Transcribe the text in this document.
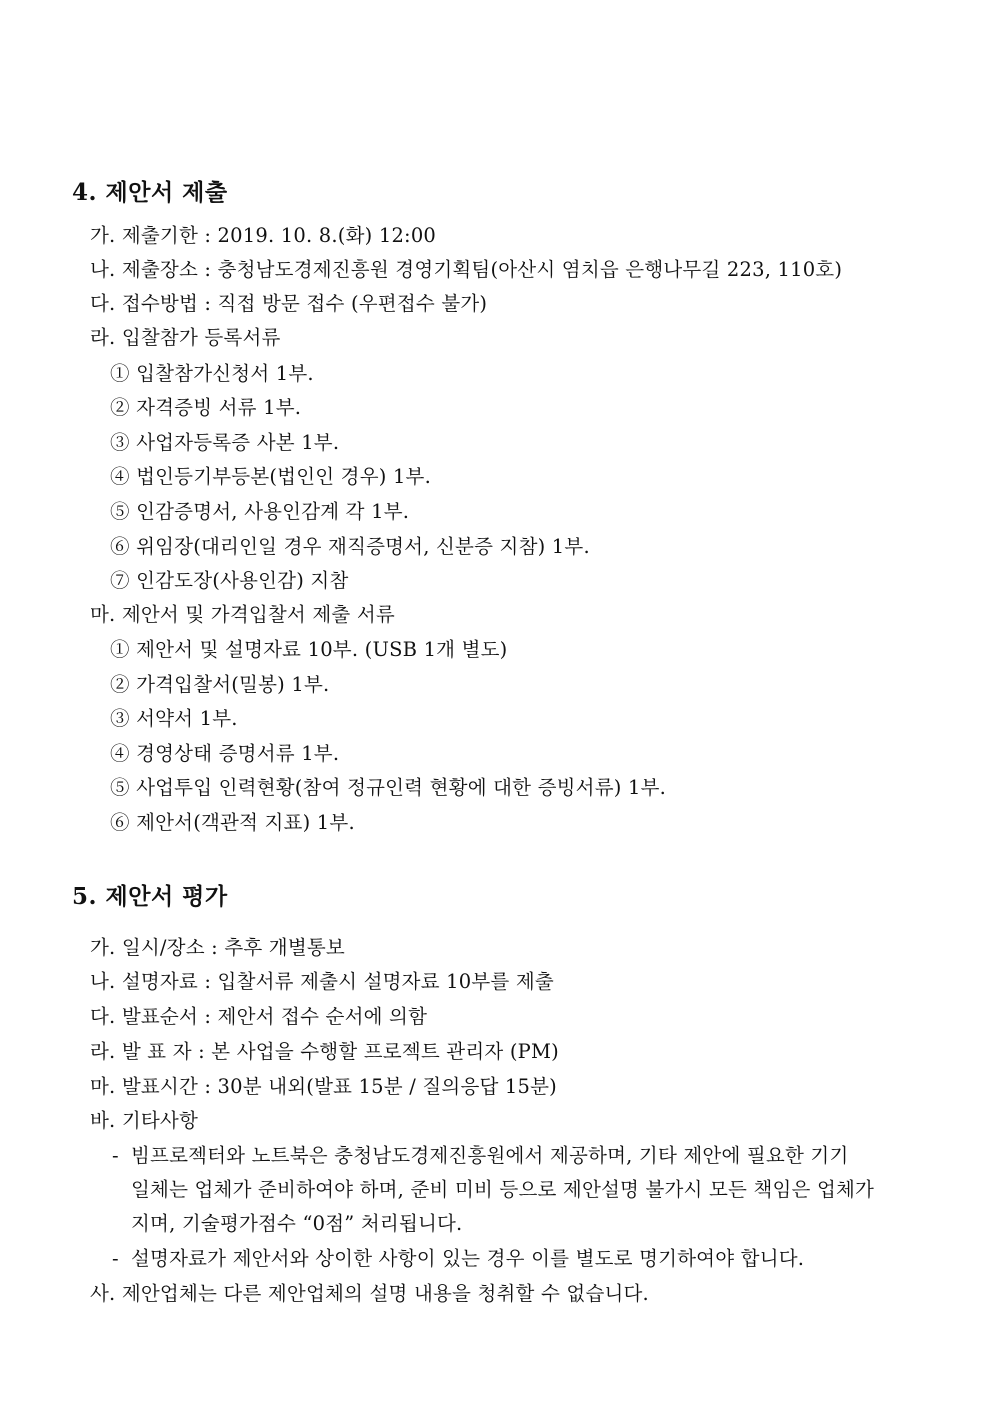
4. 제안서 제출
가. 제출기한 : 2019. 10. 8.(화) 12:00
나. 제출장소 : 충청남도경제진흥원 경영기획팀(아산시 염치읍 은행나무길 223, 110호)
다. 접수방법 : 직접 방문 접수 (우편접수 불가)
라. 입찰참가 등록서류
① 입찰참가신청서 1부.
② 자격증빙 서류 1부.
③ 사업자등록증 사본 1부.
④ 법인등기부등본(법인인 경우) 1부.
⑤ 인감증명서, 사용인감계 각 1부.
⑥ 위임장(대리인일 경우 재직증명서, 신분증 지참) 1부.
⑦ 인감도장(사용인감) 지참
마. 제안서 및 가격입찰서 제출 서류
① 제안서 및 설명자료 10부. (USB 1개 별도)
② 가격입찰서(밀봉) 1부.
③ 서약서 1부.
④ 경영상태 증명서류 1부.
⑤ 사업투입 인력현황(참여 정규인력 현황에 대한 증빙서류) 1부.
⑥ 제안서(객관적 지표) 1부.
5. 제안서 평가
가. 일시/장소 : 추후 개별통보
나. 설명자료 : 입찰서류 제출시 설명자료 10부를 제출
다. 발표순서 : 제안서 접수 순서에 의함
라. 발 표 자 : 본 사업을 수행할 프로젝트 관리자 (PM)
마. 발표시간 : 30분 내외(발표 15분 / 질의응답 15분)
바. 기타사항
- 빔프로젝터와 노트북은 충청남도경제진흥원에서 제공하며, 기타 제안에 필요한 기기
일체는 업체가 준비하여야 하며, 준비 미비 등으로 제안설명 불가시 모든 책임은 업체가
지며, 기술평가점수 “0점” 처리됩니다.
- 설명자료가 제안서와 상이한 사항이 있는 경우 이를 별도로 명기하여야 합니다.
사. 제안업체는 다른 제안업체의 설명 내용을 청취할 수 없습니다.
